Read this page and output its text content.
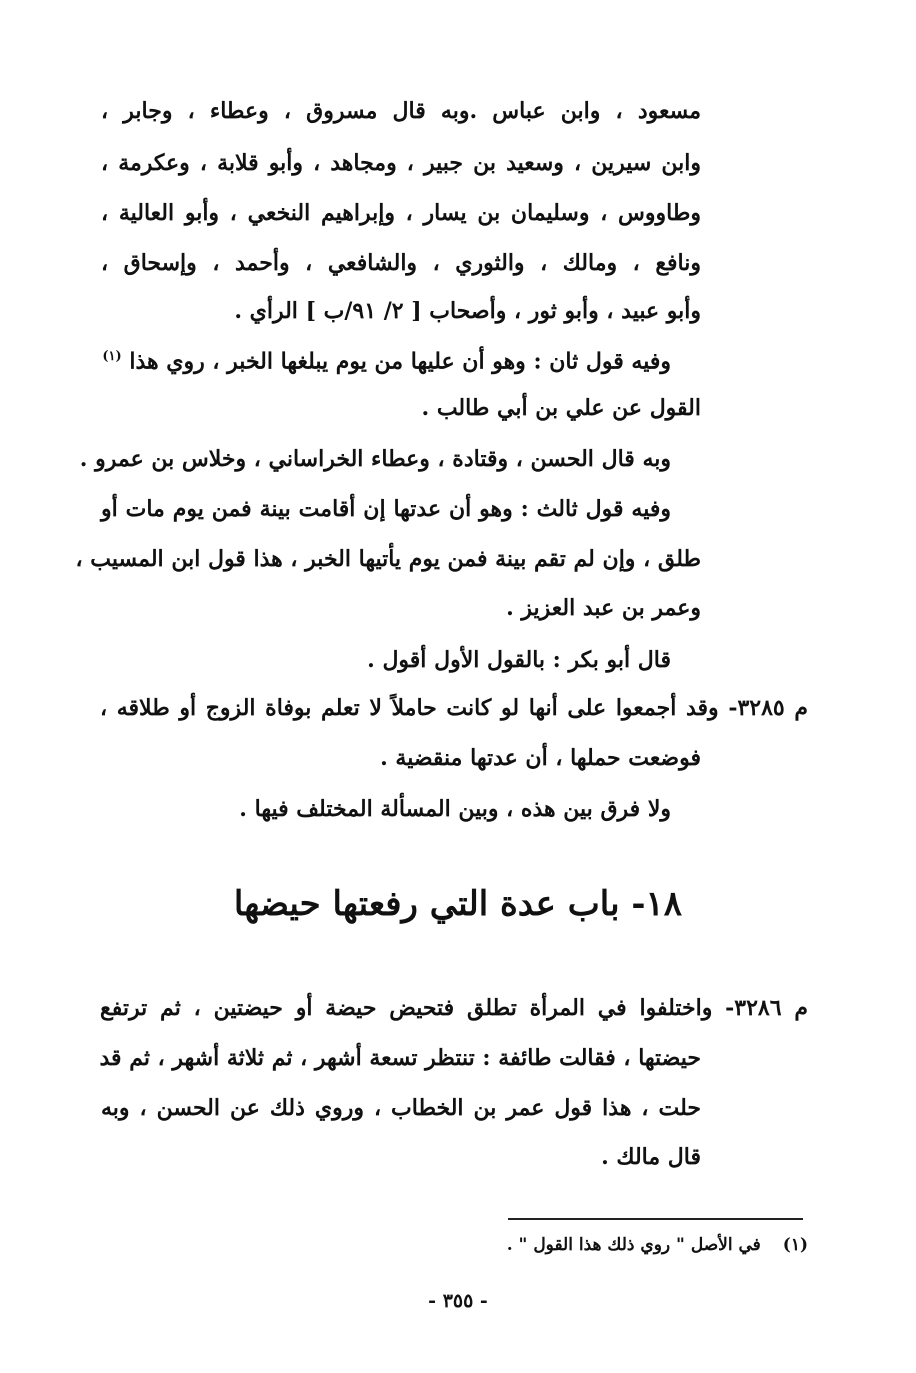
مسعود ، وابن عباس .وبه قال مسروق ، وعطاء ، وجابر ،
وابن سيرين ، وسعيد بن جبير ، ومجاهد ، وأبو قلابة ، وعكرمة ،
وطاووس ، وسليمان بن يسار ، وإبراهيم النخعي ، وأبو العالية ،
ونافع ، ومالك ، والثوري ، والشافعي ، وأحمد ، وإسحاق ،
وأبو عبيد ، وأبو ثور ، وأصحاب [ ٢/ ٩١/ب ] الرأي .
وفيه قول ثان : وهو أن عليها من يوم يبلغها الخبر ، روي هذا $^{(١)}$
القول عن علي بن أبي طالب .
وبه قال الحسن ، وقتادة ، وعطاء الخراساني ، وخلاس بن عمرو .
وفيه قول ثالث : وهو أن عدتها إن أقامت بينة فمن يوم مات أو
طلق ، وإن لم تقم بينة فمن يوم يأتيها الخبر ، هذا قول ابن المسيب ،
وعمر بن عبد العزيز .
قال أبو بكر : بالقول الأول أقول .
م ٣٢٨٥- وقد أجمعوا على أنها لو كانت حاملاً لا تعلم بوفاة الزوج أو طلاقه ،
فوضعت حملها ، أن عدتها منقضية .
ولا فرق بين هذه ، وبين المسألة المختلف فيها .
١٨- باب عدة التي رفعتها حيضها
م ٣٢٨٦- واختلفوا في المرأة تطلق فتحيض حيضة أو حيضتين ، ثم ترتفع
حيضتها ، فقالت طائفة : تنتظر تسعة أشهر ، ثم ثلاثة أشهر ، ثم قد
حلت ، هذا قول عمر بن الخطاب ، وروي ذلك عن الحسن ، وبه
قال مالك .
(١)في الأصل " روي ذلك هذا القول " .
- ٣٥٥ -
